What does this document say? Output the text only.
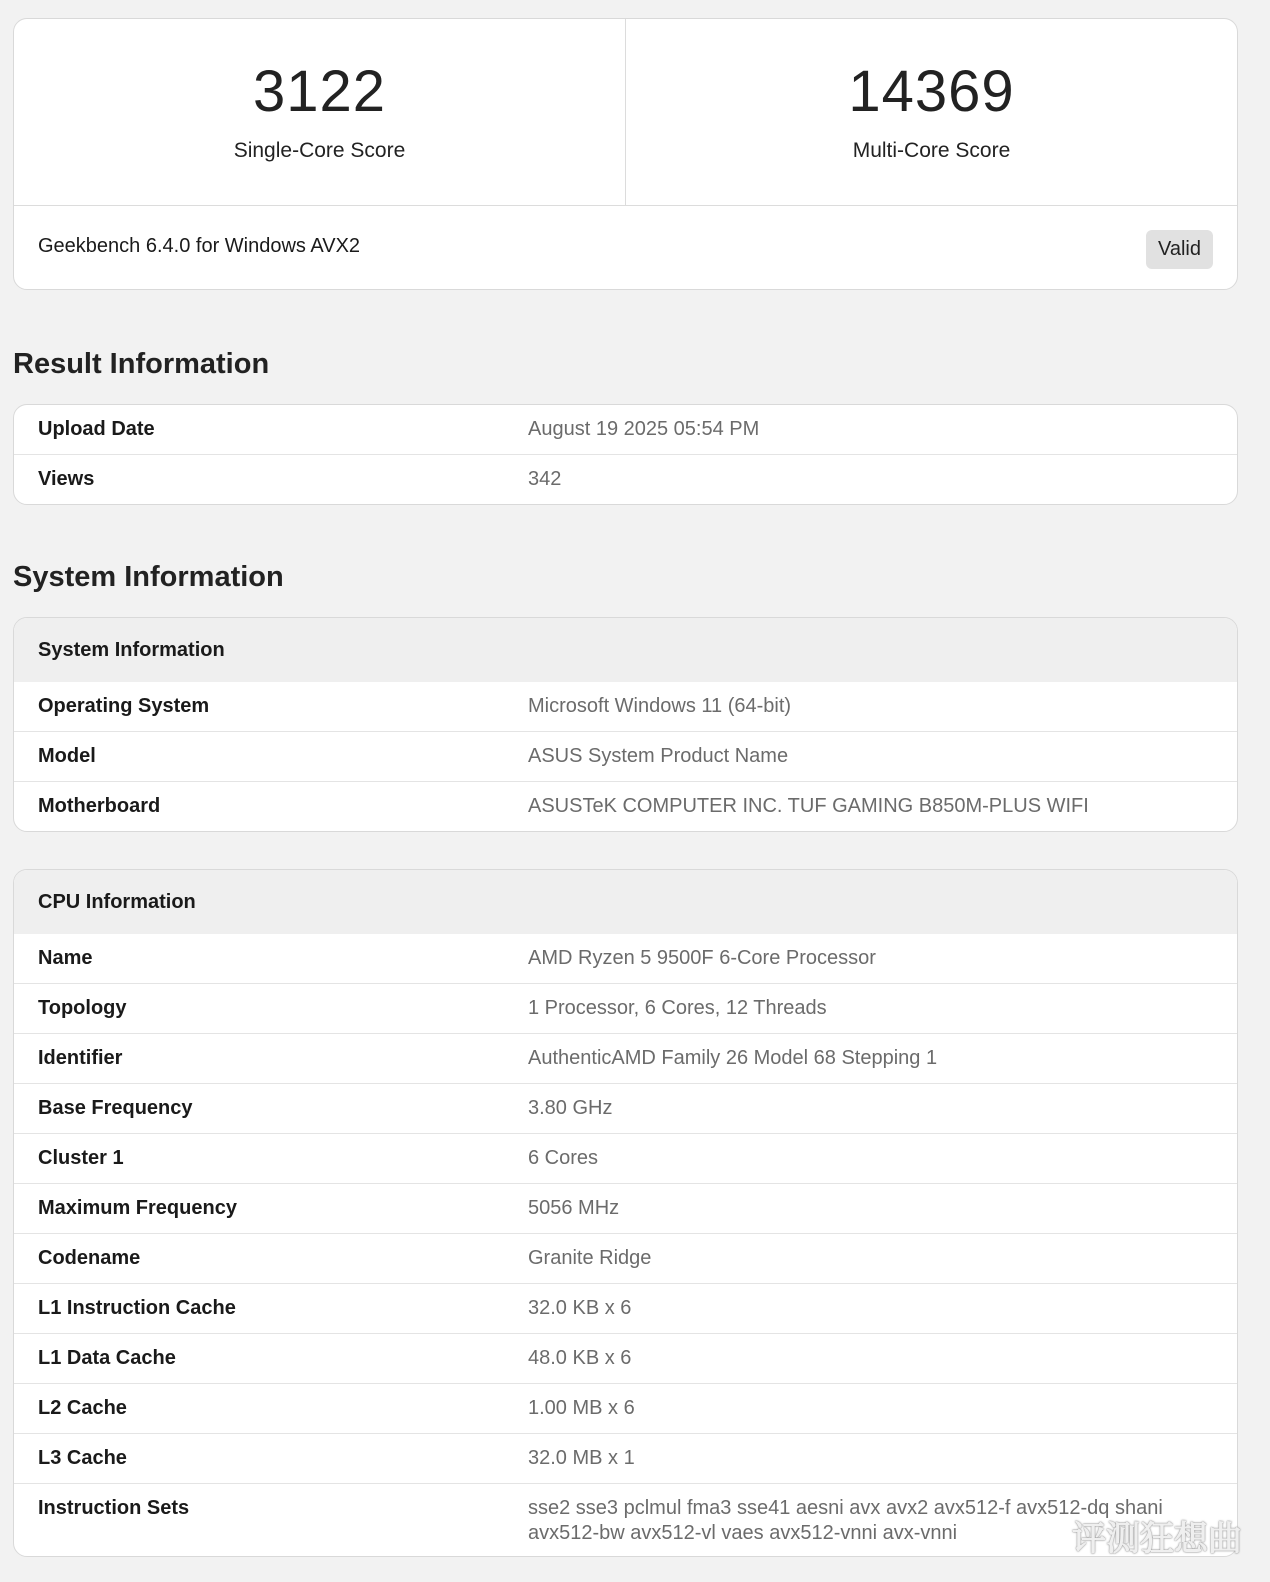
3122
Single-Core Score
14369
Multi-Core Score
Geekbench 6.4.0 for Windows AVX2	Valid
Result Information
Upload Date	August 19 2025 05:54 PM
Views	342
System Information
System Information
Operating System	Microsoft Windows 11 (64-bit)
Model	ASUS System Product Name
Motherboard	ASUSTeK COMPUTER INC. TUF GAMING B850M-PLUS WIFI
CPU Information
Name	AMD Ryzen 5 9500F 6-Core Processor
Topology	1 Processor, 6 Cores, 12 Threads
Identifier	AuthenticAMD Family 26 Model 68 Stepping 1
Base Frequency	3.80 GHz
Cluster 1	6 Cores
Maximum Frequency	5056 MHz
Codename	Granite Ridge
L1 Instruction Cache	32.0 KB x 6
L1 Data Cache	48.0 KB x 6
L2 Cache	1.00 MB x 6
L3 Cache	32.0 MB x 1
Instruction Sets	sse2 sse3 pclmul fma3 sse41 aesni avx avx2 avx512-f avx512-dq shani
avx512-bw avx512-vl vaes avx512-vnni avx-vnni	评测狂想曲
